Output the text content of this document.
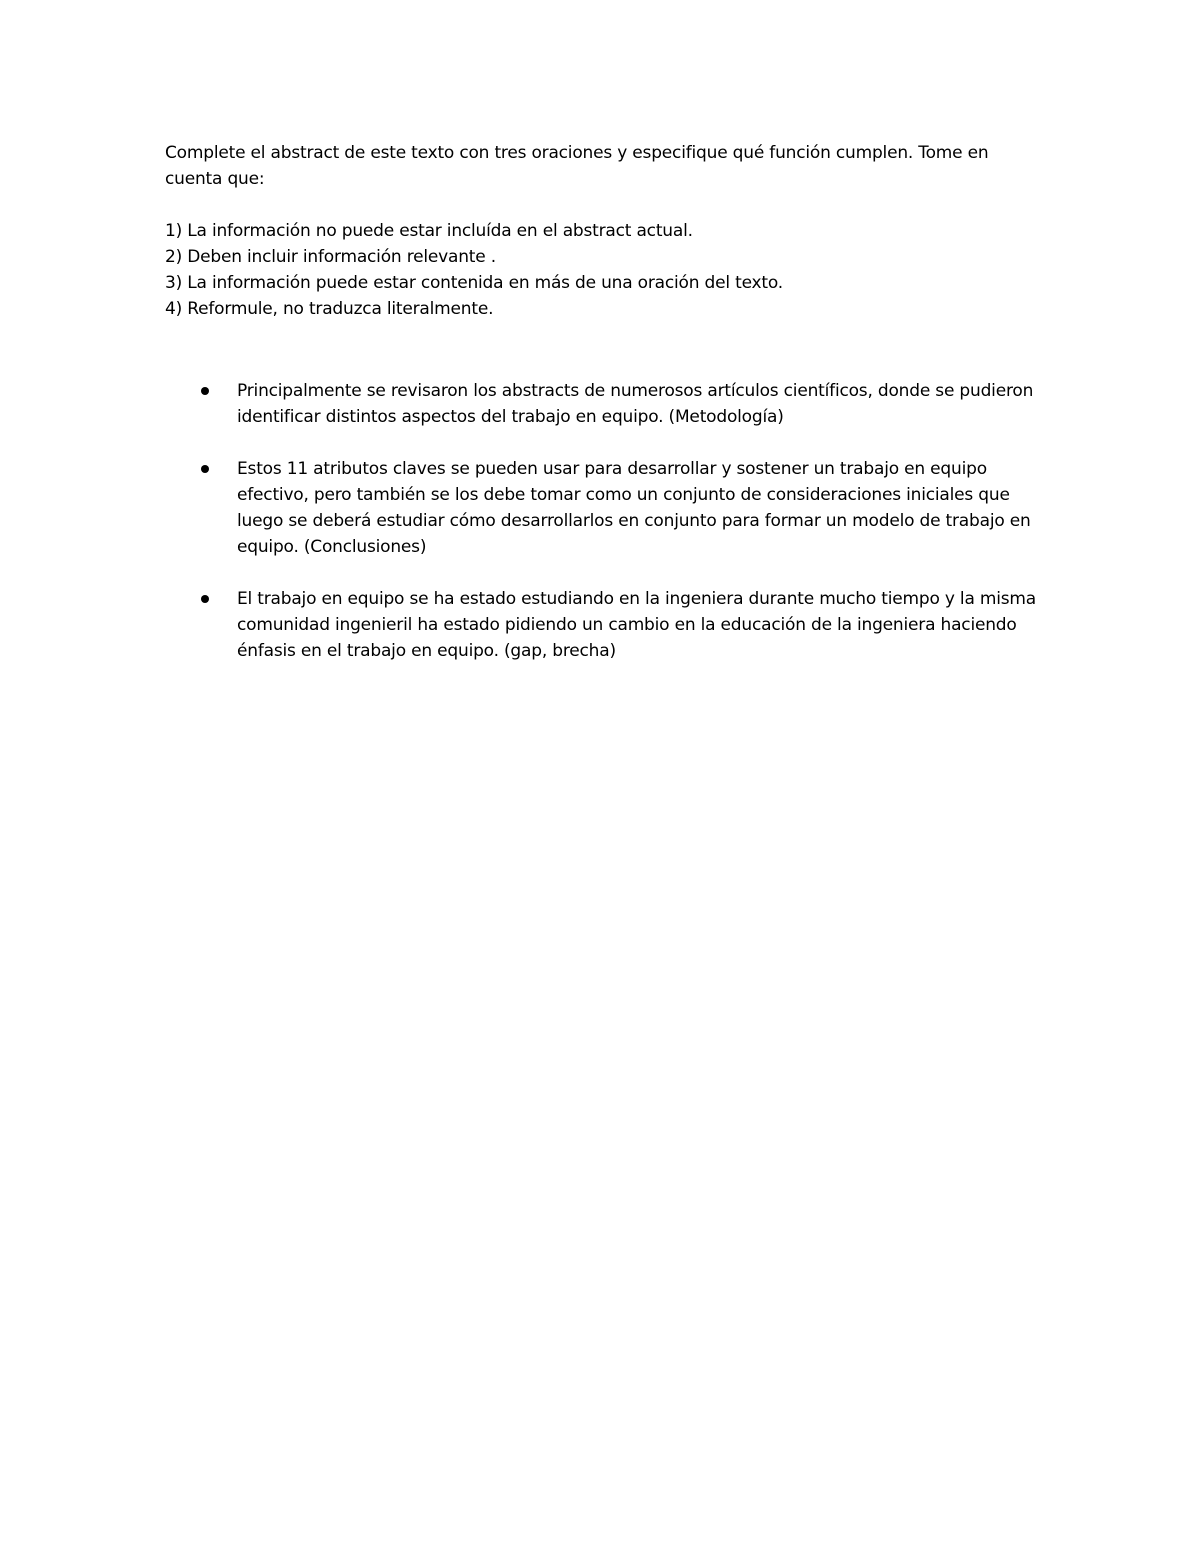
Complete el abstract de este texto con tres oraciones y especifique qué función cumplen. Tome en cuenta que:

1) La información no puede estar incluída en el abstract actual.
2) Deben incluir información relevante .
3) La información puede estar contenida en más de una oración del texto.
4) Reformule, no traduzca literalmente.
Principalmente se revisaron los abstracts de numerosos artículos científicos, donde se pudieron identificar distintos aspectos del trabajo en equipo. (Metodología)
Estos 11 atributos claves se pueden usar para desarrollar y sostener un trabajo en equipo efectivo, pero también se los debe tomar como un conjunto de consideraciones iniciales que luego se deberá estudiar cómo desarrollarlos en conjunto para formar un modelo de trabajo en equipo. (Conclusiones)
El trabajo en equipo se ha estado estudiando en la ingeniera durante mucho tiempo y la misma comunidad ingenieril ha estado pidiendo un cambio en la educación de la ingeniera haciendo énfasis en el trabajo en equipo. (gap, brecha)
